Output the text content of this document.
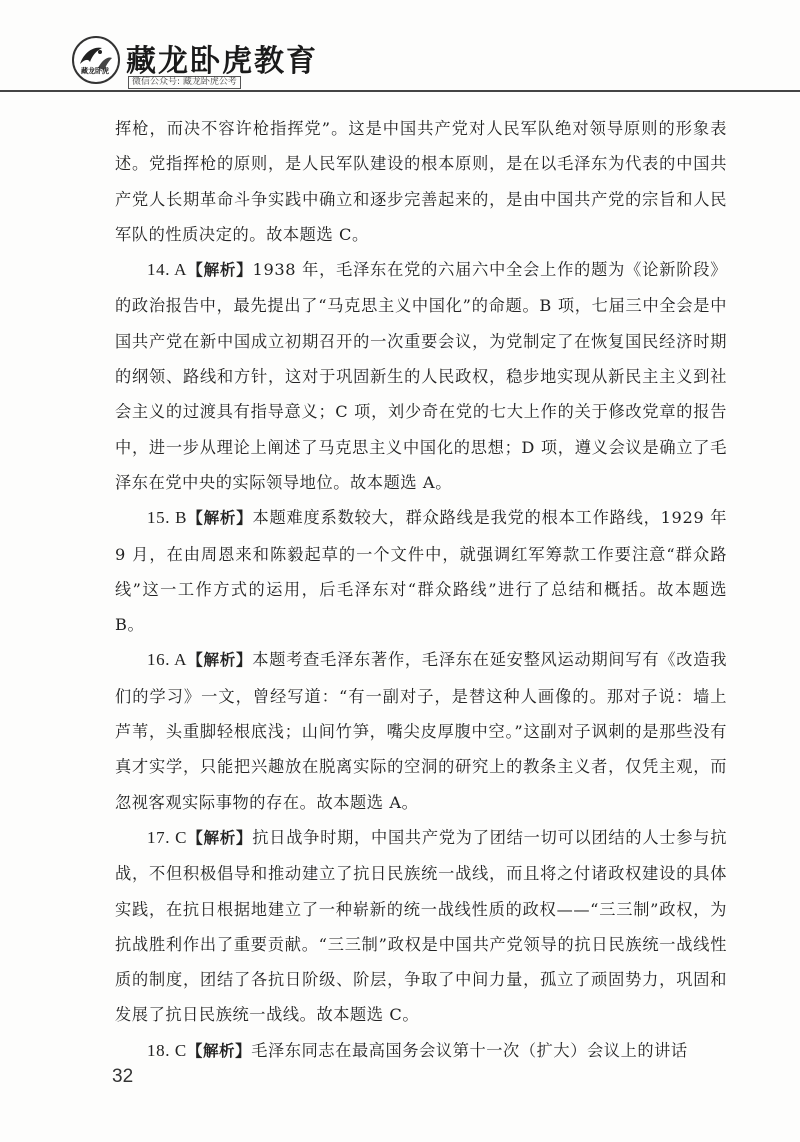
藏龙卧虎 藏龙卧虎教育
微信公众号: 藏龙卧虎公考

挥枪，而决不容许枪指挥党”。这是中国共产党对人民军队绝对领导原则的形象表述。党指挥枪的原则，是人民军队建设的根本原则，是在以毛泽东为代表的中国共产党人长期革命斗争实践中确立和逐步完善起来的，是由中国共产党的宗旨和人民军队的性质决定的。故本题选 C。

14. A【解析】1938 年，毛泽东在党的六届六中全会上作的题为《论新阶段》的政治报告中，最先提出了“马克思主义中国化”的命题。B 项，七届三中全会是中国共产党在新中国成立初期召开的一次重要会议，为党制定了在恢复国民经济时期的纲领、路线和方针，这对于巩固新生的人民政权，稳步地实现从新民主主义到社会主义的过渡具有指导意义；C 项，刘少奇在党的七大上作的关于修改党章的报告中，进一步从理论上阐述了马克思主义中国化的思想；D 项，遵义会议是确立了毛泽东在党中央的实际领导地位。故本题选 A。

15. B【解析】本题难度系数较大，群众路线是我党的根本工作路线，1929 年 9 月，在由周恩来和陈毅起草的一个文件中，就强调红军筹款工作要注意“群众路线”这一工作方式的运用，后毛泽东对“群众路线”进行了总结和概括。故本题选 B。

16. A【解析】本题考查毛泽东著作，毛泽东在延安整风运动期间写有《改造我们的学习》一文，曾经写道：“有一副对子，是替这种人画像的。那对子说：墙上芦苇，头重脚轻根底浅；山间竹笋，嘴尖皮厚腹中空。”这副对子讽刺的是那些没有真才实学，只能把兴趣放在脱离实际的空洞的研究上的教条主义者，仅凭主观，而忽视客观实际事物的存在。故本题选 A。

17. C【解析】抗日战争时期，中国共产党为了团结一切可以团结的人士参与抗战，不但积极倡导和推动建立了抗日民族统一战线，而且将之付诸政权建设的具体实践，在抗日根据地建立了一种崭新的统一战线性质的政权——“三三制”政权，为抗战胜利作出了重要贡献。“三三制”政权是中国共产党领导的抗日民族统一战线性质的制度，团结了各抗日阶级、阶层，争取了中间力量，孤立了顽固势力，巩固和发展了抗日民族统一战线。故本题选 C。

18. C【解析】毛泽东同志在最高国务会议第十一次（扩大）会议上的讲话

32
